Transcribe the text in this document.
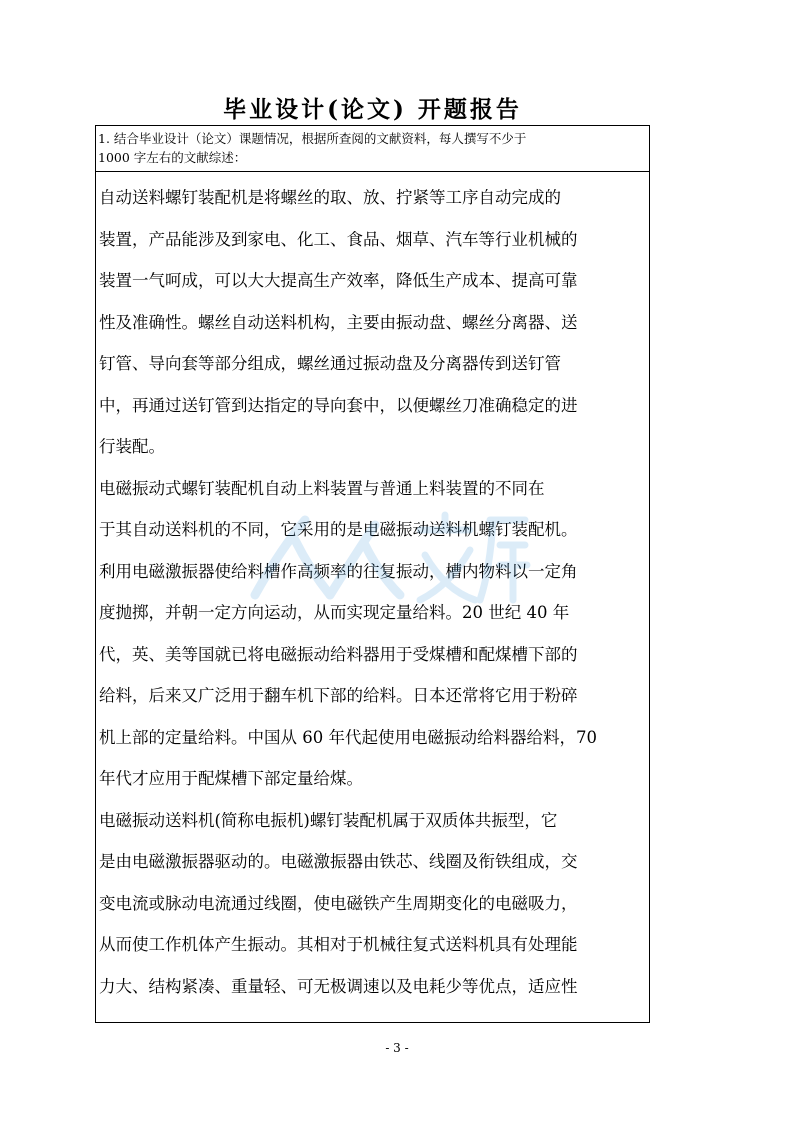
毕业设计(论文) 开题报告
1. 结合毕业设计（论文）课题情况，根据所查阅的文献资料，每人撰写不少于
1000 字左右的文献综述：

自动送料螺钉装配机是将螺丝的取、放、拧紧等工序自动完成的
装置，产品能涉及到家电、化工、食品、烟草、汽车等行业机械的
装置一气呵成，可以大大提高生产效率，降低生产成本、提高可靠
性及准确性。螺丝自动送料机构，主要由振动盘、螺丝分离器、送
钉管、导向套等部分组成，螺丝通过振动盘及分离器传到送钉管
中，再通过送钉管到达指定的导向套中，以便螺丝刀准确稳定的进
行装配。

电磁振动式螺钉装配机自动上料装置与普通上料装置的不同在
于其自动送料机的不同，它采用的是电磁振动送料机螺钉装配机。
利用电磁激振器使给料槽作高频率的往复振动，槽内物料以一定角
度抛掷，并朝一定方向运动，从而实现定量给料。20 世纪 40 年
代，英、美等国就已将电磁振动给料器用于受煤槽和配煤槽下部的
给料，后来又广泛用于翻车机下部的给料。日本还常将它用于粉碎
机上部的定量给料。中国从 60 年代起使用电磁振动给料器给料，70
年代才应用于配煤槽下部定量给煤。

电磁振动送料机(简称电振机)螺钉装配机属于双质体共振型，它
是由电磁激振器驱动的。电磁激振器由铁芯、线圈及衔铁组成，交
变电流或脉动电流通过线圈，使电磁铁产生周期变化的电磁吸力，
从而使工作机体产生振动。其相对于机械往复式送料机具有处理能
力大、结构紧凑、重量轻、可无极调速以及电耗少等优点，适应性

- 3 -
